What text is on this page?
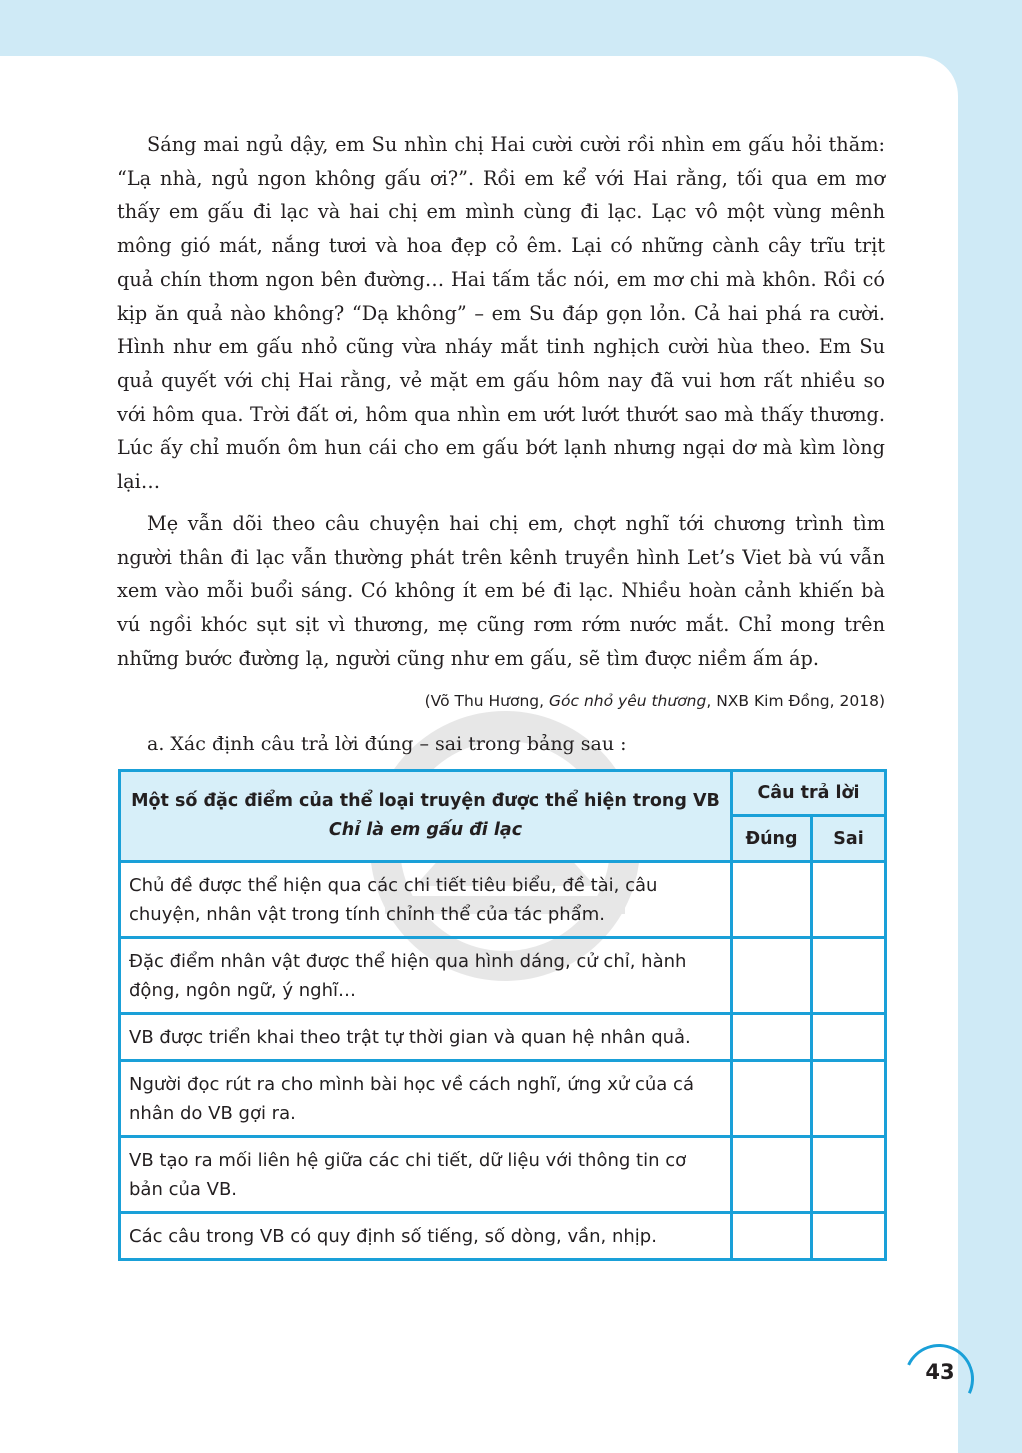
Sáng mai ngủ dậy, em Su nhìn chị Hai cười cười rồi nhìn em gấu hỏi thăm: “Lạ nhà, ngủ ngon không gấu ơi?”. Rồi em kể với Hai rằng, tối qua em mơ thấy em gấu đi lạc và hai chị em mình cùng đi lạc. Lạc vô một vùng mênh mông gió mát, nắng tươi và hoa đẹp cỏ êm. Lại có những cành cây trĩu trịt quả chín thơm ngon bên đường… Hai tấm tắc nói, em mơ chi mà khôn. Rồi có kịp ăn quả nào không? “Dạ không” – em Su đáp gọn lỏn. Cả hai phá ra cười. Hình như em gấu nhỏ cũng vừa nháy mắt tinh nghịch cười hùa theo. Em Su quả quyết với chị Hai rằng, vẻ mặt em gấu hôm nay đã vui hơn rất nhiều so với hôm qua. Trời đất ơi, hôm qua nhìn em ướt lướt thướt sao mà thấy thương. Lúc ấy chỉ muốn ôm hun cái cho em gấu bớt lạnh nhưng ngại dơ mà kìm lòng lại…

Mẹ vẫn dõi theo câu chuyện hai chị em, chợt nghĩ tới chương trình tìm người thân đi lạc vẫn thường phát trên kênh truyền hình Let’s Viet bà vú vẫn xem vào mỗi buổi sáng. Có không ít em bé đi lạc. Nhiều hoàn cảnh khiến bà vú ngồi khóc sụt sịt vì thương, mẹ cũng rơm rớm nước mắt. Chỉ mong trên những bước đường lạ, người cũng như em gấu, sẽ tìm được niềm ấm áp.

(Võ Thu Hương, Góc nhỏ yêu thương, NXB Kim Đồng, 2018)
a. Xác định câu trả lời đúng – sai trong bảng sau :
Một số đặc điểm của thể loại truyện được thể hiện trong VB Chỉ là em gấu đi lạc	Câu trả lời	
	Đúng	Sai
Chủ đề được thể hiện qua các chi tiết tiêu biểu, đề tài, câu chuyện, nhân vật trong tính chỉnh thể của tác phẩm.		
Đặc điểm nhân vật được thể hiện qua hình dáng, cử chỉ, hành động, ngôn ngữ, ý nghĩ…		
VB được triển khai theo trật tự thời gian và quan hệ nhân quả.		
Người đọc rút ra cho mình bài học về cách nghĩ, ứng xử của cá nhân do VB gợi ra.		
VB tạo ra mối liên hệ giữa các chi tiết, dữ liệu với thông tin cơ bản của VB.		
Các câu trong VB có quy định số tiếng, số dòng, vần, nhịp.		
43
